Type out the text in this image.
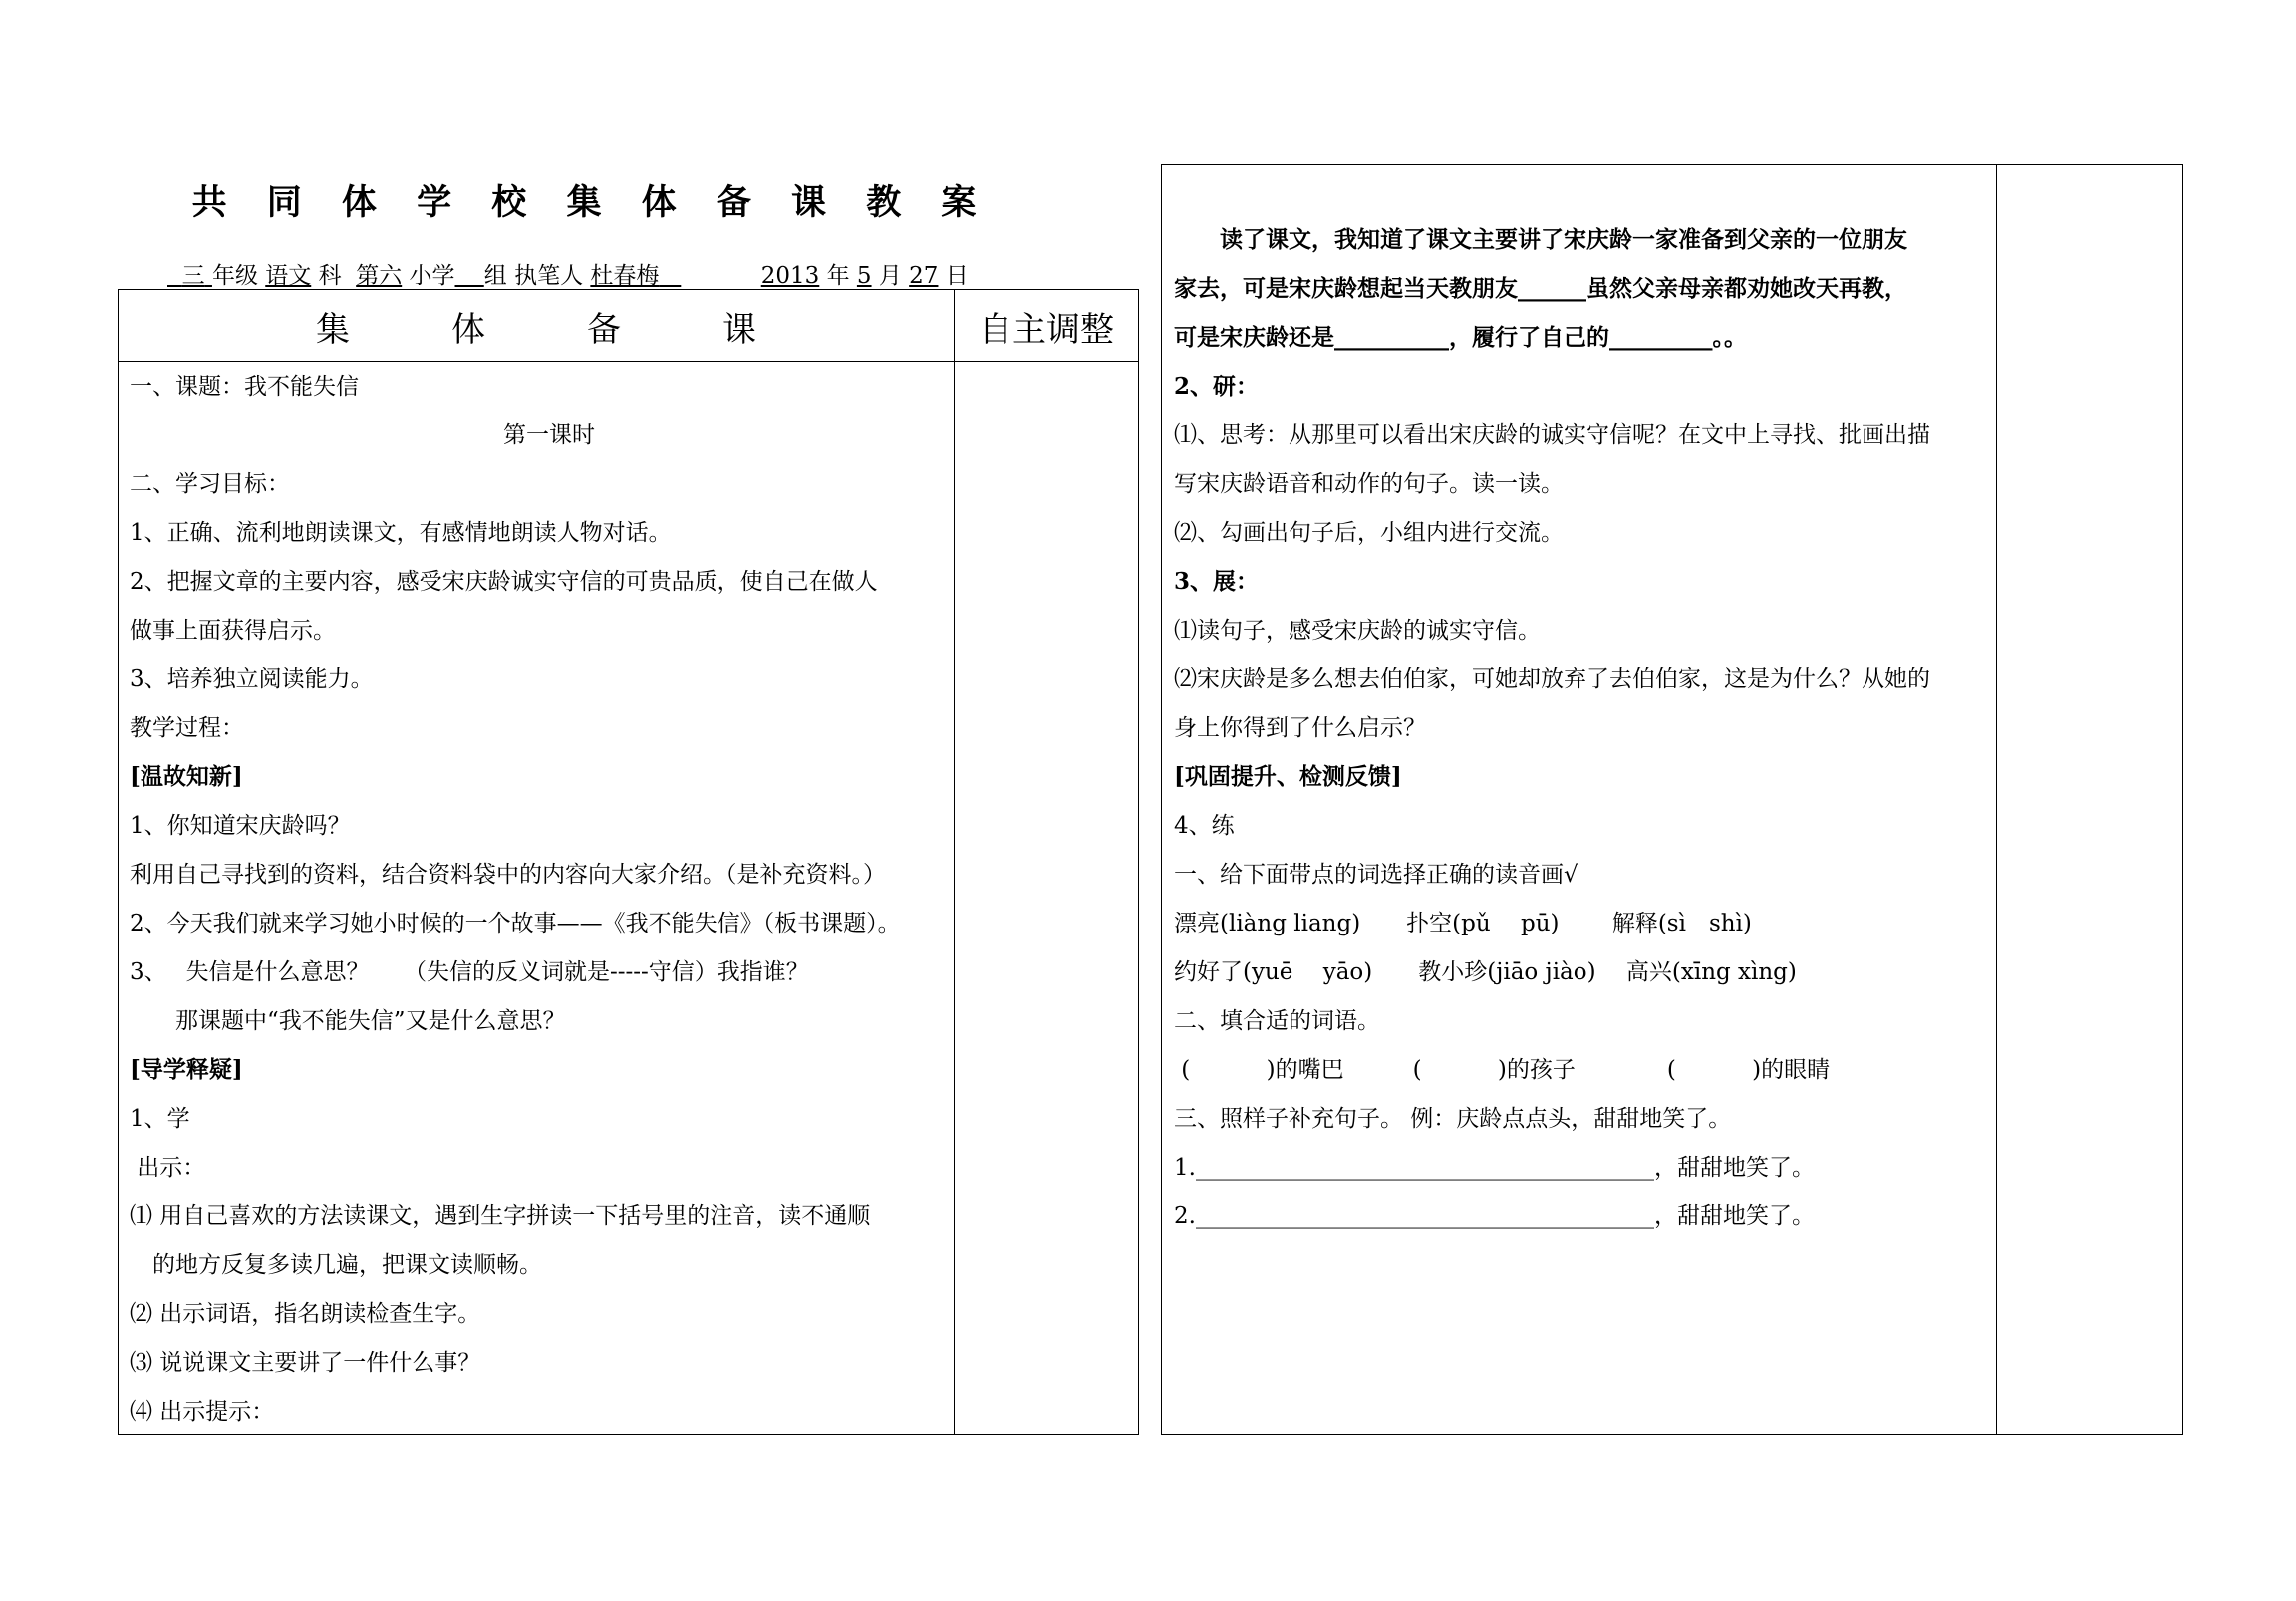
共 同 体 学 校 集 体 备 课 教 案
三 年级 语文 科 第六 小学 组 执笔人 杜春梅	2013 年 5 月 27 日
集　　　体　　　备　　　课	自主调整
一、课题：我不能失信
第一课时
二、学习目标：
1、正确、流利地朗读课文，有感情地朗读人物对话。
2、把握文章的主要内容，感受宋庆龄诚实守信的可贵品质，使自己在做人
做事上面获得启示。
3、培养独立阅读能力。
教学过程：
[温故知新]
1、你知道宋庆龄吗？
利用自己寻找到的资料，结合资料袋中的内容向大家介绍。（是补充资料。）
2、今天我们就来学习她小时候的一个故事——《我不能失信》（板书课题）。
3、　 失信是什么意思？　　（失信的反义词就是-----守信）我指谁？
　　那课题中“我不能失信”又是什么意思？
[导学释疑]
1、学
出示：
⑴ 用自己喜欢的方法读课文，遇到生字拼读一下括号里的注音，读不通顺
　的地方反复多读几遍，把课文读顺畅。
⑵ 出示词语，指名朗读检查生字。
⑶ 说说课文主要讲了一件什么事？
⑷ 出示提示：
　　读了课文，我知道了课文主要讲了宋庆龄一家准备到父亲的一位朋友
家去，可是宋庆龄想起当天教朋友______虽然父亲母亲都劝她改天再教，
可是宋庆龄还是__________，履行了自己的_________。。
2、研：
⑴、思考：从那里可以看出宋庆龄的诚实守信呢？在文中上寻找、批画出描
写宋庆龄语音和动作的句子。读一读。
⑵、勾画出句子后，小组内进行交流。
3、展：
⑴读句子，感受宋庆龄的诚实守信。
⑵宋庆龄是多么想去伯伯家，可她却放弃了去伯伯家，这是为什么？从她的
身上你得到了什么启示？
[巩固提升、检测反馈]
4、练
一、给下面带点的词选择正确的读音画√
漂亮(liàng liang)　　扑空(pǔ　 pū)　　 解释(sì　shì)
约好了(yuē　 yāo)　　教小珍(jiāo jiào)　 高兴(xīng xìng)
二、填合适的词语。
(　　　 )的嘴巴　　　(　　　 )的孩子　　　　(　　　 )的眼睛
三、照样子补充句子。 例：庆龄点点头，甜甜地笑了。
1.________________________________________，甜甜地笑了。
2.________________________________________，甜甜地笑了。
